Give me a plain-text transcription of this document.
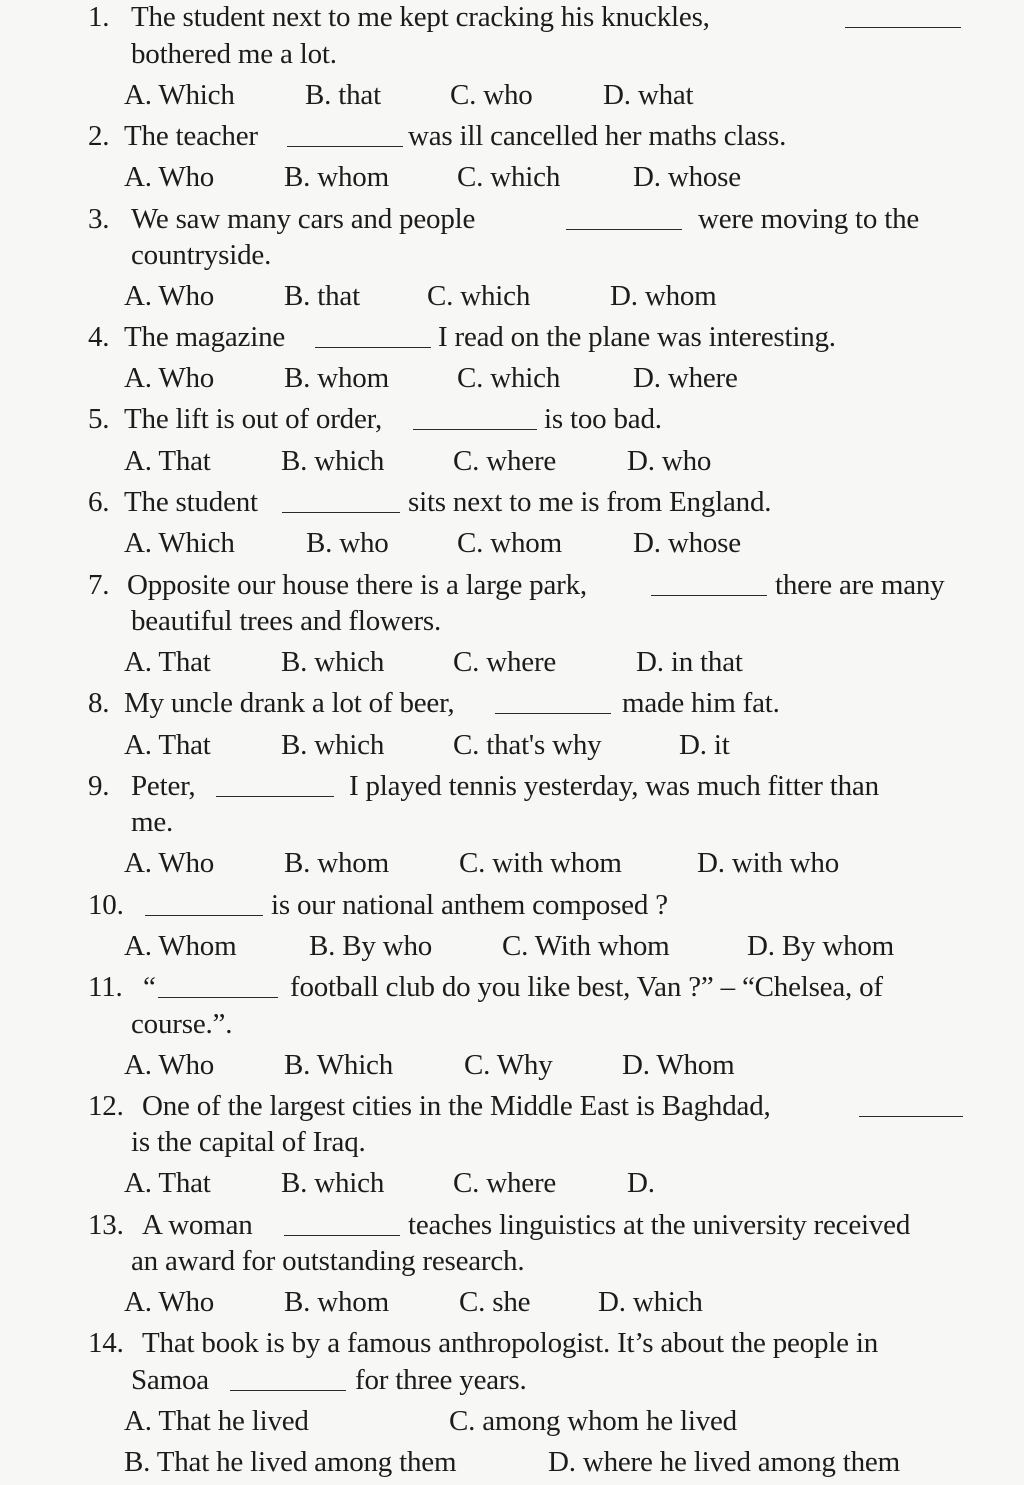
1. The student next to me kept cracking his knuckles,
bothered me a lot.
A. Which B. that C. who D. what
2. The teacher	was ill cancelled her maths class.
A. Who B. whom C. which	D. whose
3. We saw many cars and people	were moving to the
countryside.
A. Who B. that C. which	D. whom
4. The magazine	I read on the plane was interesting.
A. Who B. whom C. which	D. where
5. The lift is out of order,	is too bad.
A. That B. which C. where D. who
6. The student	sits next to me is from England.
A. Which B. who C. whom D. whose
7. Opposite our house there is a large park,	there are many
beautiful trees and flowers.
A. That B. which C. where	D. in that
8. My uncle drank a lot of beer,	made him fat.
A. That B. which C. that's why	D. it
9. Peter,	I played tennis yesterday, was much fitter than
me.
A. Who B. whom C. with whom	D. with who
10.	is our national anthem composed ?
A. Whom	B. By who C. With whom	D. By whom
11. “	football club do you like best, Van ?” – “Chelsea, of
course.”.
A. Who B. Which C. Why D. Whom
12. One of the largest cities in the Middle East is Baghdad,
is the capital of Iraq.
A. That B. which C. where D.
13. A woman	teaches linguistics at the university received
an award for outstanding research.
A. Who B. whom C. she D. which
14. That book is by a famous anthropologist. It’s about the people in
Samoa	for three years.
A. That he lived	C. among whom he lived
B. That he lived among them	D. where he lived among them
